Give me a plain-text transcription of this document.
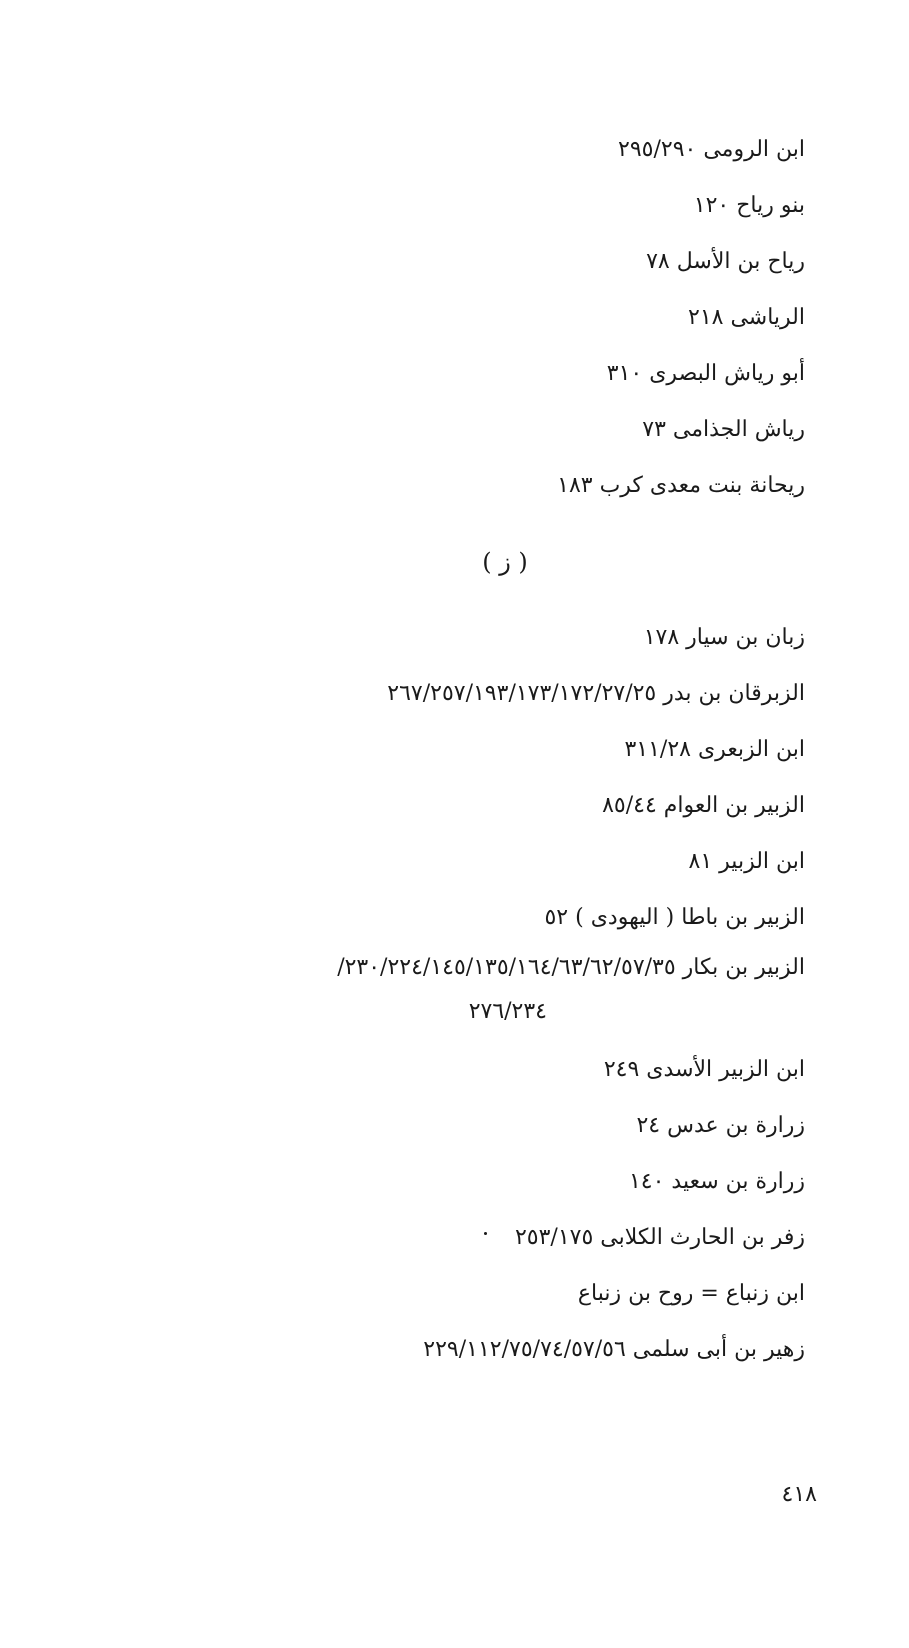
ابن الرومى ٢٩٥/٢٩٠
بنو رياح ١٢٠
رياح بن الأسل ٧٨
الرياشى ٢١٨
أبو رياش البصرى ٣١٠
رياش الجذامى ٧٣
ريحانة بنت معدى كرب ١٨٣
( ز )
زبان بن سيار ١٧٨
الزبرقان بن بدر ٢٦٧/٢٥٧/١٩٣/١٧٣/١٧٢/٢٧/٢٥
ابن الزبعرى ٣١١/٢٨
الزبير بن العوام ٨٥/٤٤
ابن الزبير ٨١
الزبير بن باطا ( اليهودى ) ٥٢
الزبير بن بكار ٢٣٠/٢٢٤/١٤٥/١٣٥/١٦٤/٦٣/٦٢/٥٧/٣٥/
٢٧٦/٢٣٤
ابن الزبير الأسدى ٢٤٩
زرارة بن عدس ٢٤
زرارة بن سعيد ١٤٠
زفر بن الحارث الكلابى ٢٥٣/١٧٥
ابن زنباع = روح بن زنباع
زهير بن أبى سلمى ٢٢٩/١١٢/٧٥/٧٤/٥٧/٥٦
٤١٨
